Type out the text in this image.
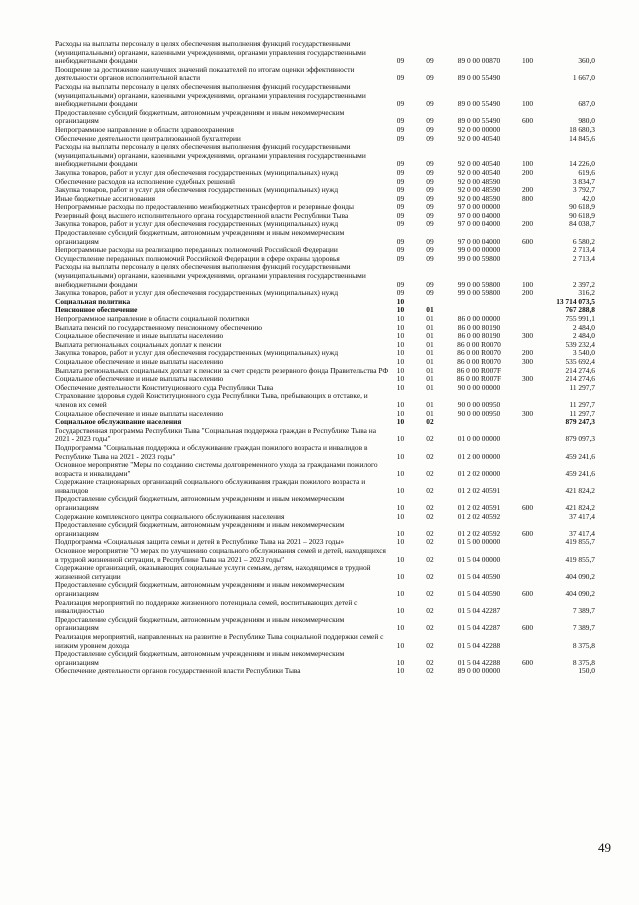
Расходы на выплаты персоналу в целях обеспечения выполнения функций государственными (муниципальными) органами, казенными учреждениями, органами управления государственными внебюджетными фондами	09	09	89 0 00 00870	100	360,0
Поощрение за достижение наилучших значений показателей по итогам оценки эффективности деятельности органов исполнительной власти	09	09	89 0 00 55490		1 667,0
Расходы на выплаты персоналу в целях обеспечения выполнения функций государственными (муниципальными) органами, казенными учреждениями, органами управления государственными внебюджетными фондами	09	09	89 0 00 55490	100	687,0
Предоставление субсидий бюджетным, автономным учреждениям и иным некоммерческим организациям	09	09	89 0 00 55490	600	980,0
Непрограммное направление в области здравоохранения	09	09	92 0 00 00000		18 680,3
Обеспечение деятельности централизованной бухгалтерии	09	09	92 0 00 40540		14 845,6
Расходы на выплаты персоналу в целях обеспечения выполнения функций государственными (муниципальными) органами, казенными учреждениями, органами управления государственными внебюджетными фондами	09	09	92 0 00 40540	100	14 226,0
Закупка товаров, работ и услуг для обеспечения государственных (муниципальных) нужд	09	09	92 0 00 40540	200	619,6
Обеспечение расходов на исполнение судебных решений	09	09	92 0 00 48590		3 834,7
Закупка товаров, работ и услуг для обеспечения государственных (муниципальных) нужд	09	09	92 0 00 48590	200	3 792,7
Иные бюджетные ассигнования	09	09	92 0 00 48590	800	42,0
Непрограммные расходы по предоставлению межбюджетных трансфертов и резервные фонды	09	09	97 0 00 00000		90 618,9
Резервный фонд высшего исполнительного органа государственной власти Республики Тыва	09	09	97 0 00 04000		90 618,9
Закупка товаров, работ и услуг для обеспечения государственных (муниципальных) нужд	09	09	97 0 00 04000	200	84 038,7
Предоставление субсидий бюджетным, автономным учреждениям и иным некоммерческим организациям	09	09	97 0 00 04000	600	6 580,2
Непрограммные расходы на реализацию переданных полномочий Российской Федерации	09	09	99 0 00 00000		2 713,4
Осуществление переданных полномочий Российской Федерации в сфере охраны здоровья	09	09	99 0 00 59800		2 713,4
Расходы на выплаты персоналу в целях обеспечения выполнения функций государственными (муниципальными) органами, казенными учреждениями, органами управления государственными внебюджетными фондами	09	09	99 0 00 59800	100	2 397,2
Закупка товаров, работ и услуг для обеспечения государственных (муниципальных) нужд	09	09	99 0 00 59800	200	316,2
Социальная политика	10				13 714 073,5
Пенсионное обеспечение	10	01			767 288,8
Непрограммное направление в области социальной политики	10	01	86 0 00 00000		755 991,1
Выплата пенсий по государственному пенсионному обеспечению	10	01	86 0 00 80190		2 484,0
Социальное обеспечение и иные выплаты населению	10	01	86 0 00 80190	300	2 484,0
Выплата региональных социальных доплат к пенсии	10	01	86 0 00 R0070		539 232,4
Закупка товаров, работ и услуг для обеспечения государственных (муниципальных) нужд	10	01	86 0 00 R0070	200	3 540,0
Социальное обеспечение и иные выплаты населению	10	01	86 0 00 R0070	300	535 692,4
Выплата региональных социальных доплат к пенсии за счет средств резервного фонда Правительства РФ	10	01	86 0 00 R007F		214 274,6
Социальное обеспечение и иные выплаты населению	10	01	86 0 00 R007F	300	214 274,6
Обеспечение деятельности Конституционного суда Республики Тыва	10	01	90 0 00 00000		11 297,7
Страхование здоровья судей Конституционного суда Республики Тыва, пребывающих в отставке, и членов их семей	10	01	90 0 00 00950		11 297,7
Социальное обеспечение и иные выплаты населению	10	01	90 0 00 00950	300	11 297,7
Социальное обслуживание населения	10	02			879 247,3
Государственная программа Республики Тыва "Социальная поддержка граждан в Республике Тыва на 2021 - 2023 годы"	10	02	01 0 00 00000		879 097,3
Подпрограмма "Социальная поддержка и обслуживание граждан пожилого возраста и инвалидов в Республике Тыва на 2021 - 2023 годы"	10	02	01 2 00 00000		459 241,6
Основное мероприятие "Меры по созданию системы долговременного ухода за гражданами пожилого возраста и инвалидами"	10	02	01 2 02 00000		459 241,6
Содержание стационарных организаций социального обслуживания граждан пожилого возраста и инвалидов	10	02	01 2 02 40591		421 824,2
Предоставление субсидий бюджетным, автономным учреждениям и иным некоммерческим организациям	10	02	01 2 02 40591	600	421 824,2
Содержание комплексного центра социального обслуживания населения	10	02	01 2 02 40592		37 417,4
Предоставление субсидий бюджетным, автономным учреждениям и иным некоммерческим организациям	10	02	01 2 02 40592	600	37 417,4
Подпрограмма «Социальная защита семьи и детей в Республике Тыва на 2021 – 2023 годы»	10	02	01 5 00 00000		419 855,7
Основное мероприятие "О мерах по улучшению социального обслуживания семей и детей, находящихся в трудной жизненной ситуации, в Республике Тыва на 2021 – 2023 годы"	10	02	01 5 04 00000		419 855,7
Содержание организаций, оказывающих социальные услуги семьям, детям, находящимся в трудной жизненной ситуации	10	02	01 5 04 40590		404 090,2
Предоставление субсидий бюджетным, автономным учреждениям и иным некоммерческим организациям	10	02	01 5 04 40590	600	404 090,2
Реализация мероприятий по поддержке жизненного потенциала семей, воспитывающих детей с инвалидностью	10	02	01 5 04 42287		7 389,7
Предоставление субсидий бюджетным, автономным учреждениям и иным некоммерческим организациям	10	02	01 5 04 42287	600	7 389,7
Реализация мероприятий, направленных на развитие в Республике Тыва социальной поддержки семей с низким уровнем дохода	10	02	01 5 04 42288		8 375,8
Предоставление субсидий бюджетным, автономным учреждениям и иным некоммерческим организациям	10	02	01 5 04 42288	600	8 375,8
Обеспечение деятельности органов государственной власти Республики Тыва	10	02	89 0 00 00000		150,0
49
